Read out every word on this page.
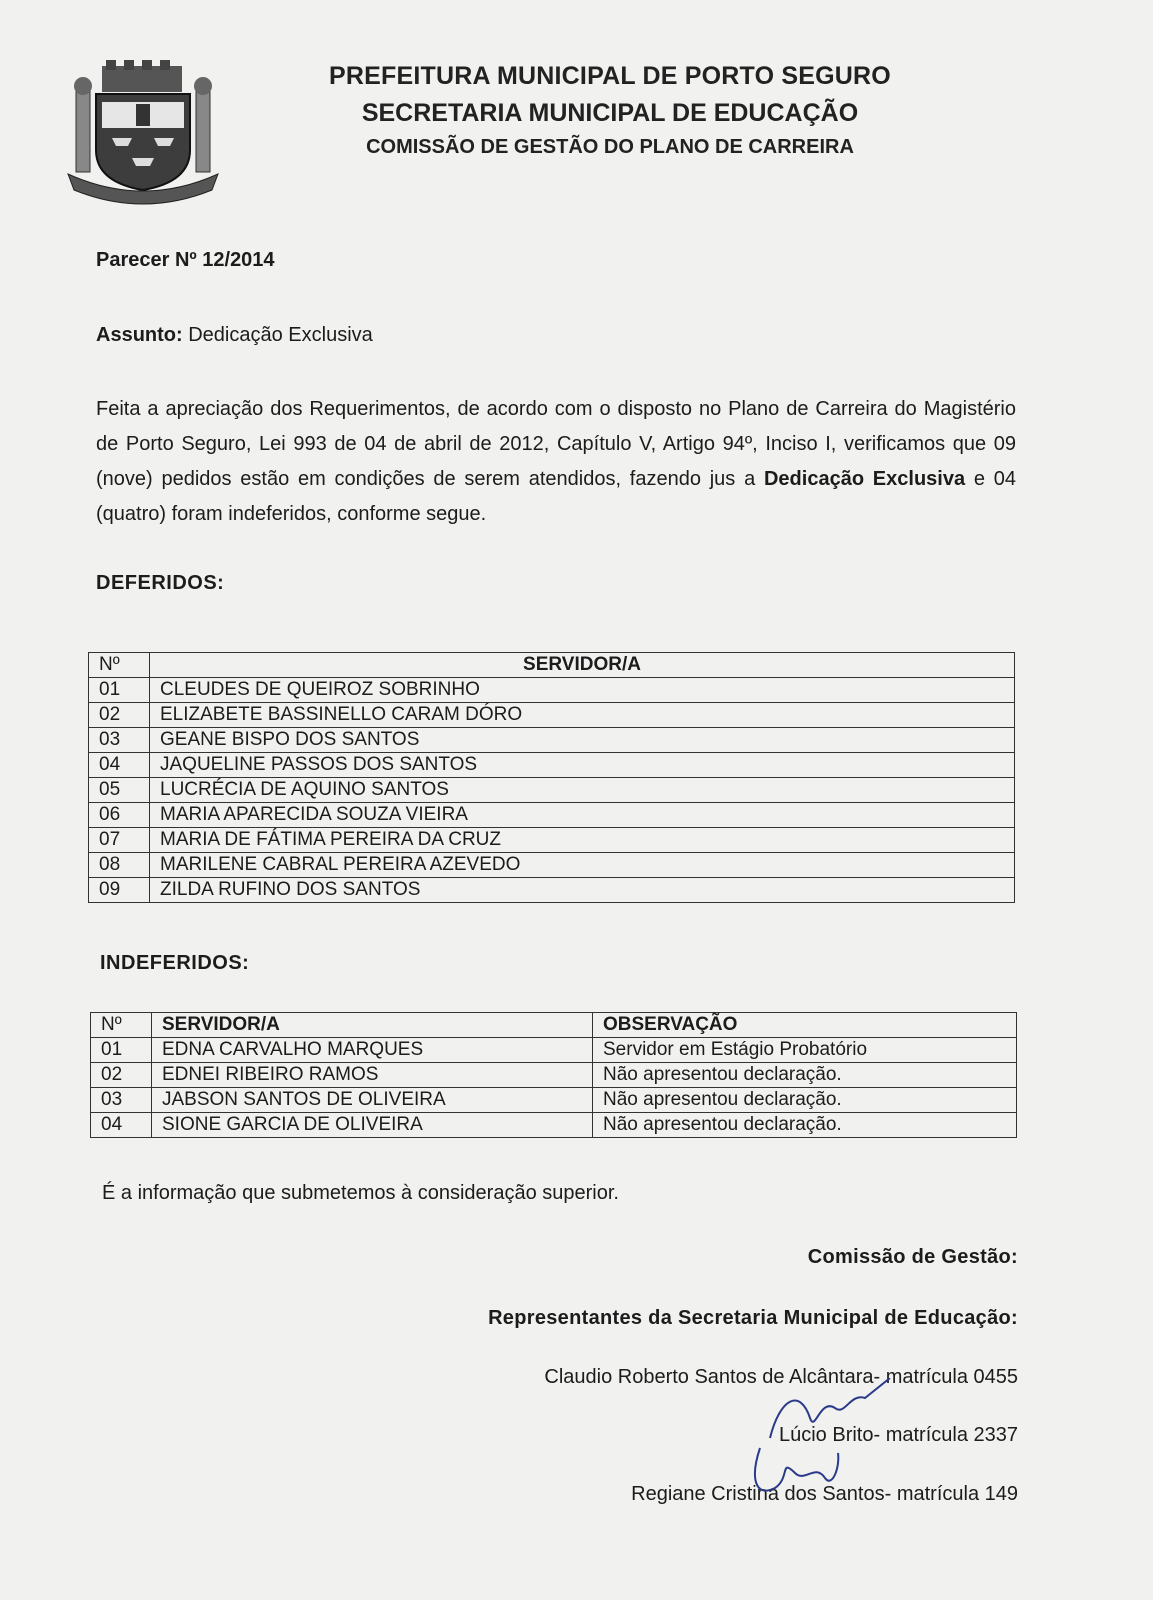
PREFEITURA MUNICIPAL DE PORTO SEGURO
SECRETARIA MUNICIPAL DE EDUCAÇÃO
COMISSÃO DE GESTÃO DO PLANO DE CARREIRA
Parecer Nº 12/2014
Assunto: Dedicação Exclusiva
Feita a apreciação dos Requerimentos, de acordo com o disposto no Plano de Carreira do Magistério de Porto Seguro, Lei 993 de 04 de abril de 2012, Capítulo V, Artigo 94º, Inciso I, verificamos que 09 (nove) pedidos estão em condições de serem atendidos, fazendo jus a Dedicação Exclusiva e 04 (quatro) foram indeferidos, conforme segue.
DEFERIDOS:
Nº	SERVIDOR/A
01	CLEUDES DE QUEIROZ SOBRINHO
02	ELIZABETE BASSINELLO CARAM DÓRO
03	GEANE BISPO DOS SANTOS
04	JAQUELINE PASSOS DOS SANTOS
05	LUCRÉCIA DE AQUINO SANTOS
06	MARIA APARECIDA SOUZA VIEIRA
07	MARIA DE FÁTIMA PEREIRA DA CRUZ
08	MARILENE CABRAL PEREIRA AZEVEDO
09	ZILDA RUFINO DOS SANTOS
INDEFERIDOS:
Nº	SERVIDOR/A	OBSERVAÇÃO
01	EDNA CARVALHO MARQUES	Servidor em Estágio Probatório
02	EDNEI RIBEIRO RAMOS	Não apresentou declaração.
03	JABSON SANTOS DE OLIVEIRA	Não apresentou declaração.
04	SIONE GARCIA DE OLIVEIRA	Não apresentou declaração.
É a informação que submetemos à consideração superior.
Comissão de Gestão:
Representantes da Secretaria Municipal de Educação:
Claudio Roberto Santos de Alcântara- matrícula 0455
Lúcio Brito- matrícula 2337
Regiane Cristina dos Santos- matrícula 149
